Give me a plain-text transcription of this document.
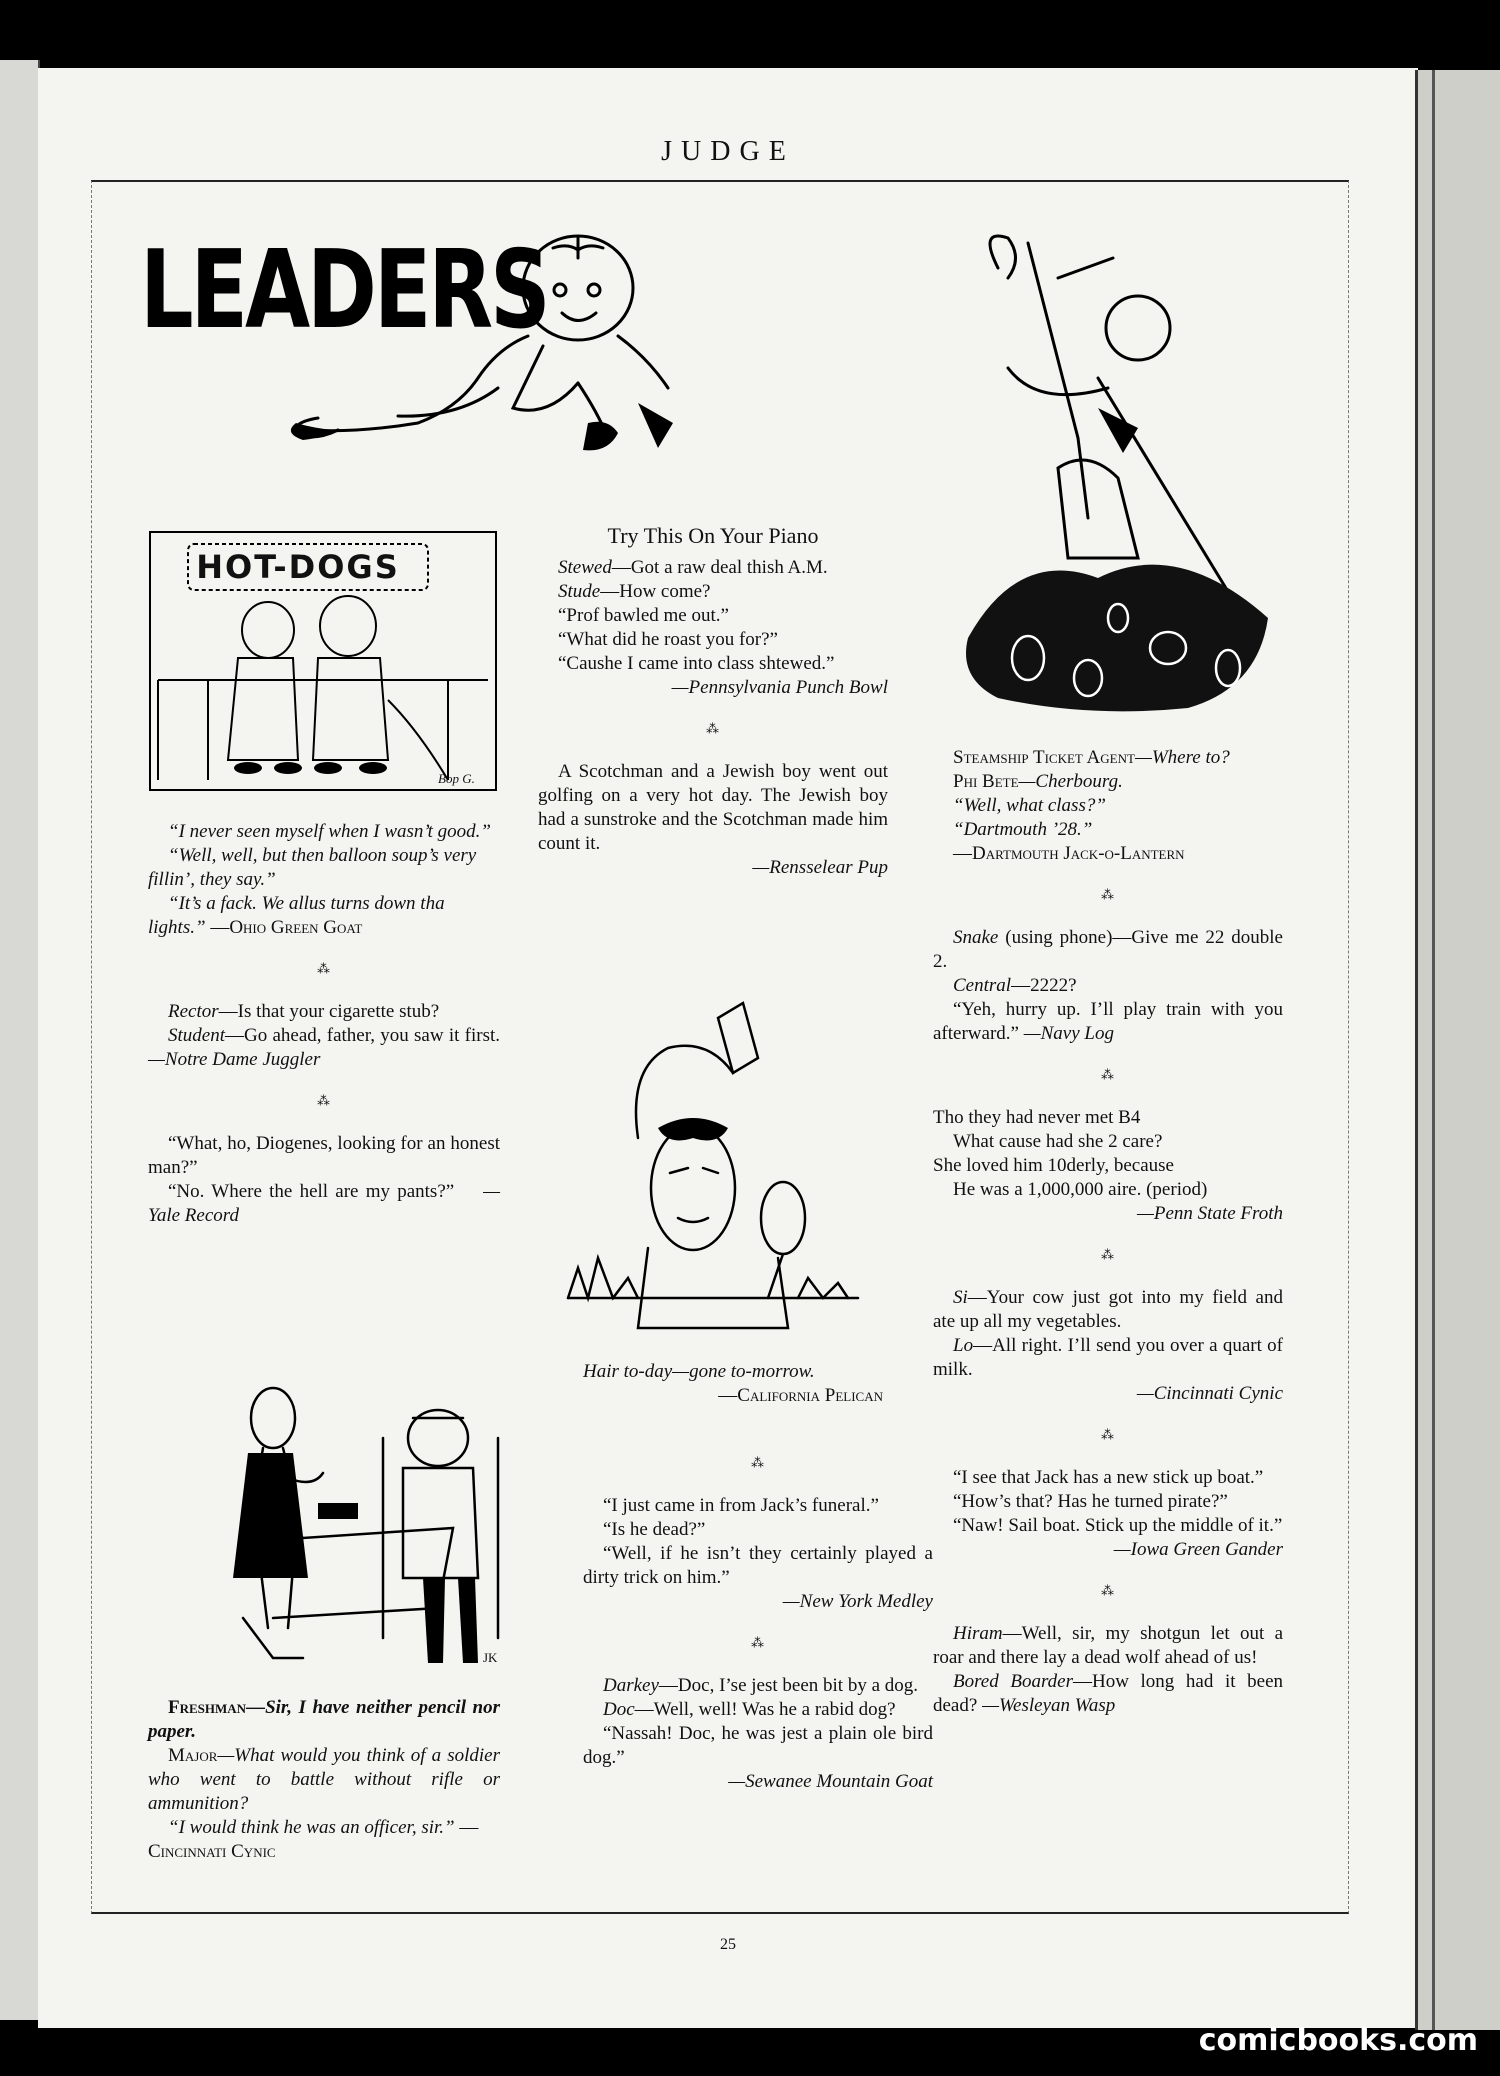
JUDGE
LEADERS
HOT-DOGS
Bop G.

“I never seen myself when I wasn’t good.”

“Well, well, but then balloon soup’s very fillin’, they say.”

“It’s a fack. We allus turns down tha lights.” —Ohio Green Goat

⁂

Rector—Is that your cigarette stub?

Student—Go ahead, father, you saw it first. —Notre Dame Juggler

⁂

“What, ho, Diogenes, looking for an honest man?”

“No. Where the hell are my pants?” —Yale Record

JK

Freshman—Sir, I have neither pencil nor paper.

Major—What would you think of a soldier who went to battle without rifle or ammunition?

“I would think he was an officer, sir.” —Cincinnati Cynic

Try This On Your Piano

Stewed—Got a raw deal thish A.M.

Stude—How come?

“Prof bawled me out.”

“What did he roast you for?”

“Caushe I came into class shtewed.”

—Pennsylvania Punch Bowl

⁂

A Scotchman and a Jewish boy went out golfing on a very hot day. The Jewish boy had a sunstroke and the Scotchman made him count it.

—Rensselear Pup

Hair to-day—gone to-morrow.

—California Pelican

⁂

“I just came in from Jack’s funeral.”

“Is he dead?”

“Well, if he isn’t they certainly played a dirty trick on him.”

—New York Medley

⁂

Darkey—Doc, I’se jest been bit by a dog.

Doc—Well, well! Was he a rabid dog?

“Nassah! Doc, he was jest a plain ole bird dog.”

—Sewanee Mountain Goat

Steamship Ticket Agent—Where to?

Phi Bete—Cherbourg.

“Well, what class?”

“Dartmouth ’28.”

—Dartmouth Jack-o-Lantern

⁂

Snake (using phone)—Give me 22 double 2.

Central—2222?

“Yeh, hurry up. I’ll play train with you afterward.” —Navy Log

⁂

Tho they had never met B4

What cause had she 2 care?

She loved him 10derly, because

He was a 1,000,000 aire. (period)

—Penn State Froth

⁂

Si—Your cow just got into my field and ate up all my vegetables.

Lo—All right. I’ll send you over a quart of milk.

—Cincinnati Cynic

⁂

“I see that Jack has a new stick up boat.”

“How’s that? Has he turned pirate?”

“Naw! Sail boat. Stick up the middle of it.”

—Iowa Green Gander

⁂

Hiram—Well, sir, my shotgun let out a roar and there lay a dead wolf ahead of us!

Bored Boarder—How long had it been dead? —Wesleyan Wasp

25
comicbooks.com
